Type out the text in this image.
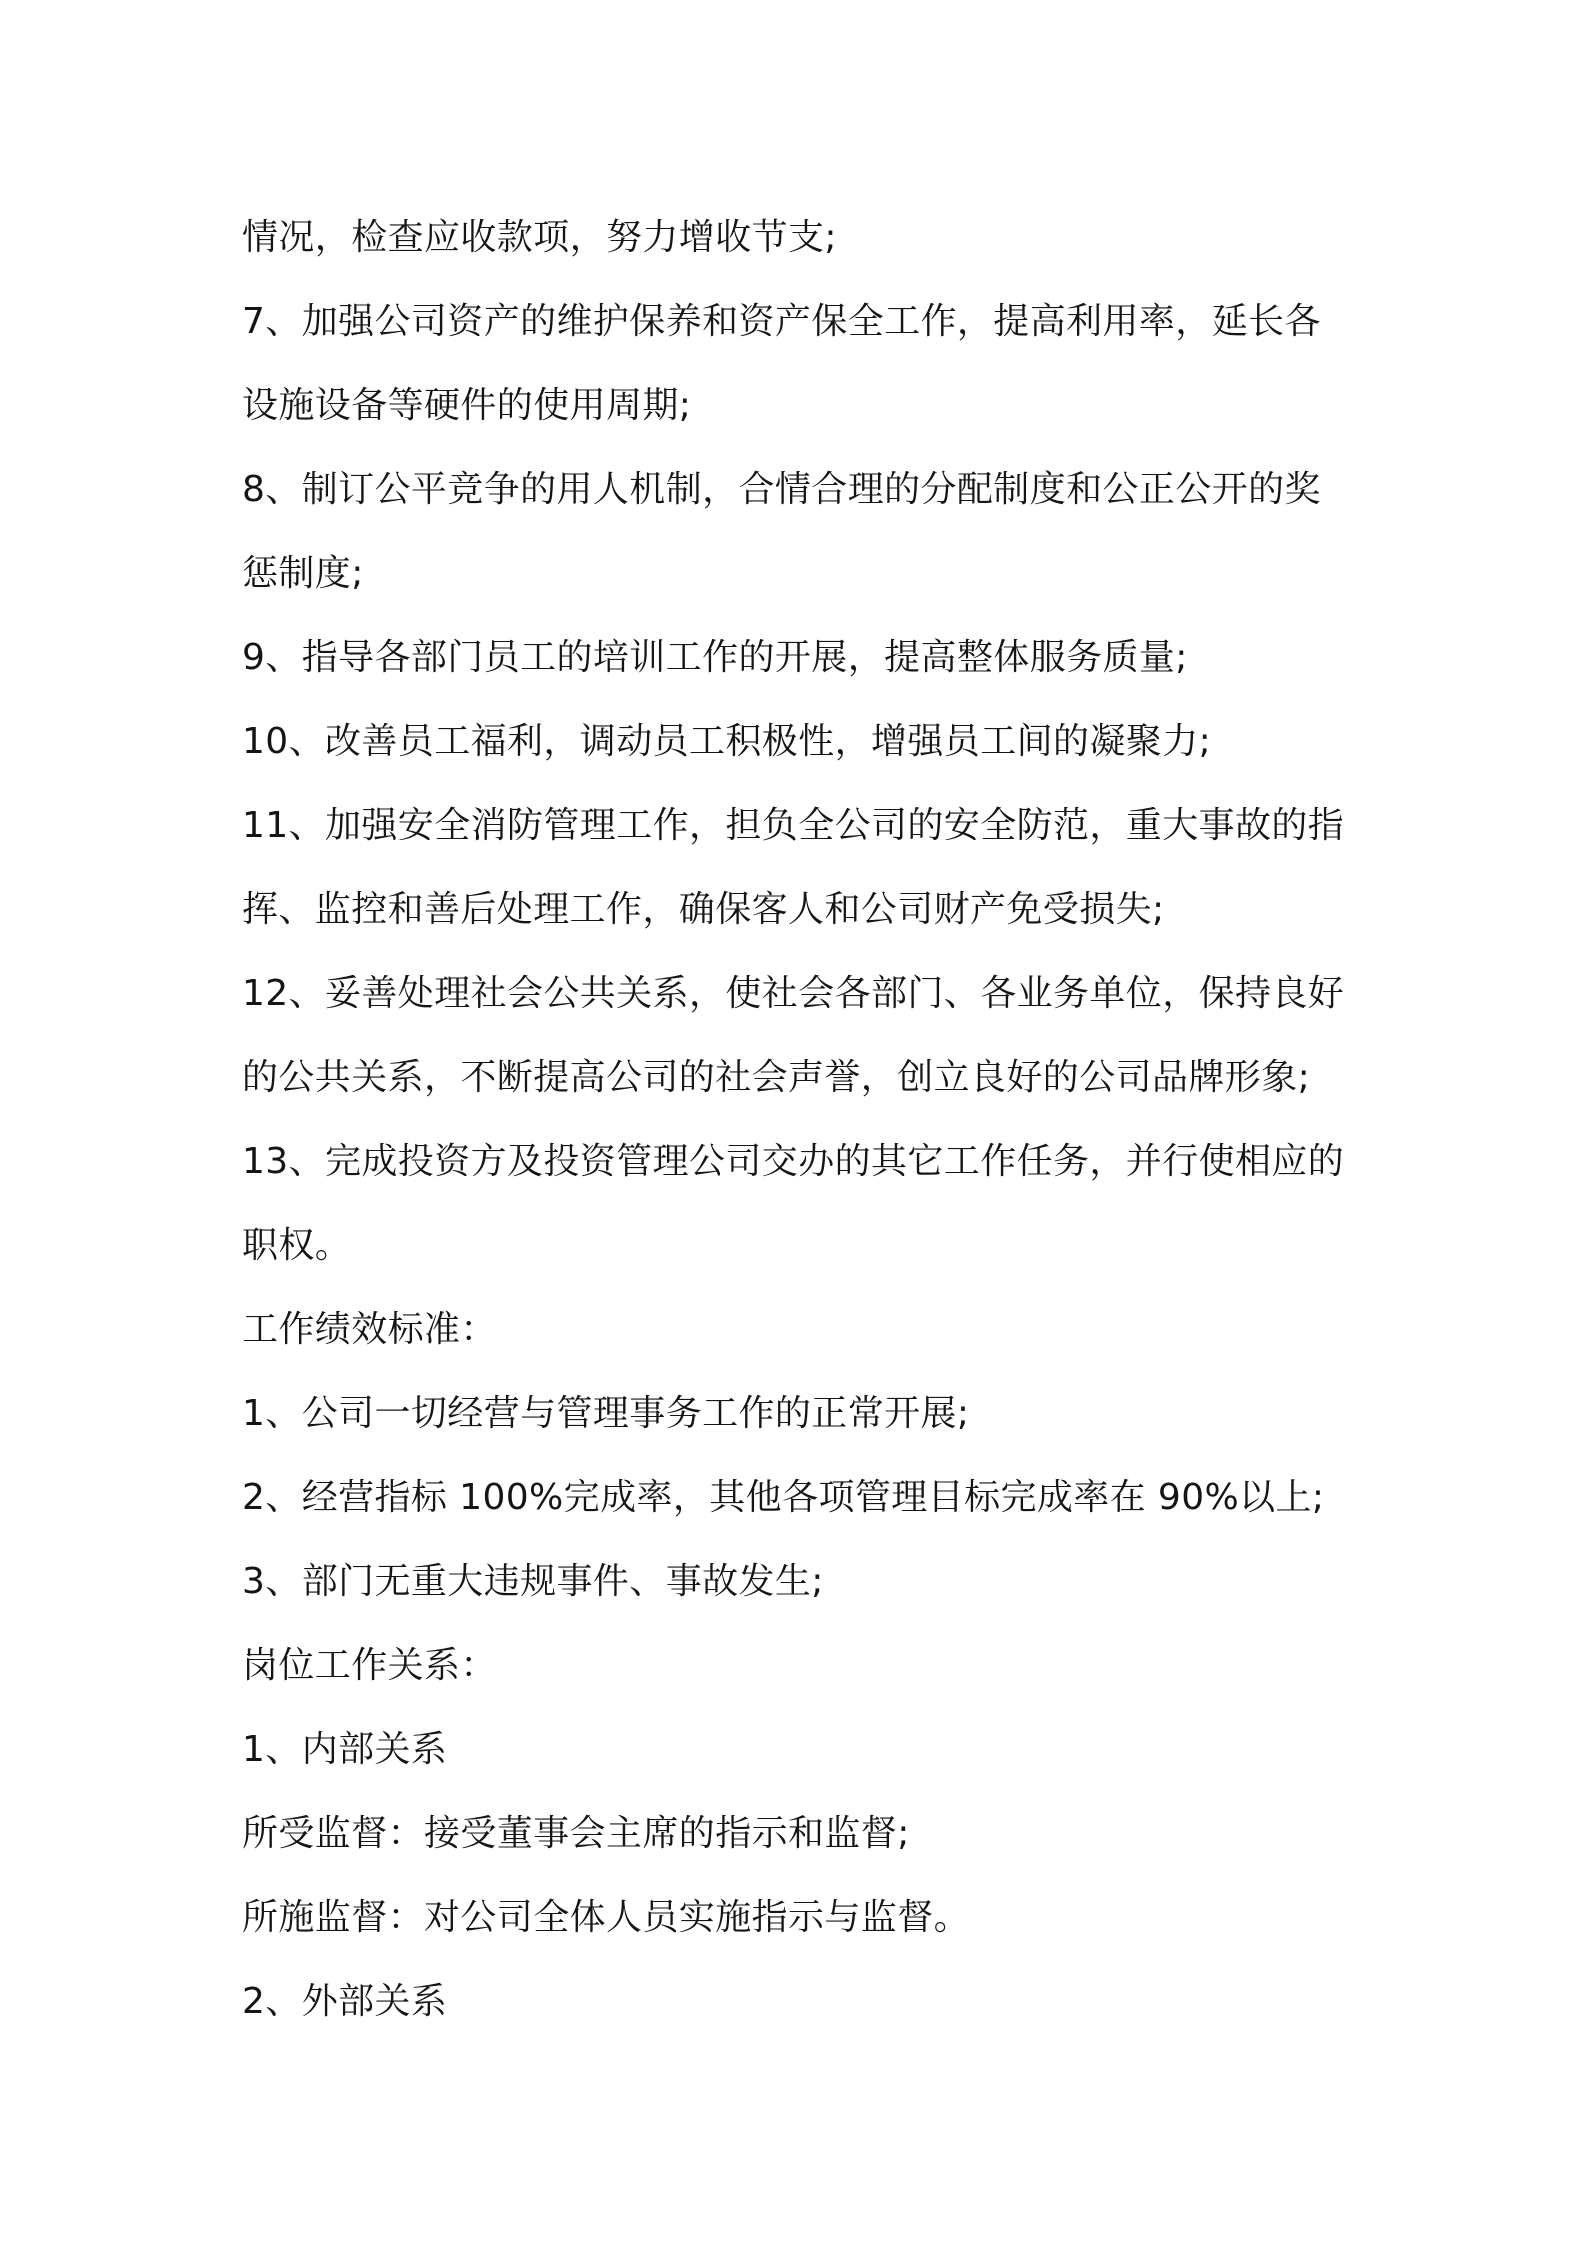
情况，检查应收款项，努力增收节支;
7、加强公司资产的维护保养和资产保全工作，提高利用率，延长各
设施设备等硬件的使用周期;
8、制订公平竞争的用人机制，合情合理的分配制度和公正公开的奖
惩制度;
9、指导各部门员工的培训工作的开展，提高整体服务质量;
10、改善员工福利，调动员工积极性，增强员工间的凝聚力;
11、加强安全消防管理工作，担负全公司的安全防范，重大事故的指
挥、监控和善后处理工作，确保客人和公司财产免受损失;
12、妥善处理社会公共关系，使社会各部门、各业务单位，保持良好
的公共关系，不断提高公司的社会声誉，创立良好的公司品牌形象;
13、完成投资方及投资管理公司交办的其它工作任务，并行使相应的
职权。
工作绩效标准：
1、公司一切经营与管理事务工作的正常开展;
2、经营指标 100%完成率，其他各项管理目标完成率在 90%以上;
3、部门无重大违规事件、事故发生;
岗位工作关系：
1、内部关系
所受监督：接受董事会主席的指示和监督;
所施监督：对公司全体人员实施指示与监督。
2、外部关系
